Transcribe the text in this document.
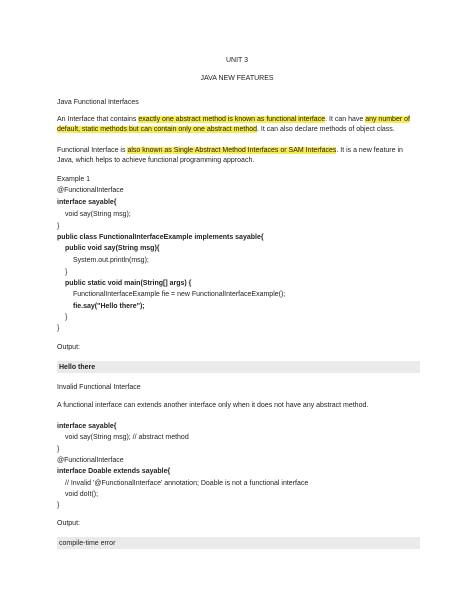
UNIT 3
JAVA NEW FEATURES
Java Functional Interfaces
An Interface that contains exactly one abstract method is known as functional interface. It can have any number of
default, static methods but can contain only one abstract method. It can also declare methods of object class.
Functional Interface is also known as Single Abstract Method Interfaces or SAM Interfaces. It is a new feature in
Java, which helps to achieve functional programming approach.
Example 1
@FunctionalInterface
interface sayable{
void say(String msg);
}
public class FunctionalInterfaceExample implements sayable{
public void say(String msg){
System.out.println(msg);
}
public static void main(String[] args) {
FunctionalInterfaceExample fie = new FunctionalInterfaceExample();
fie.say("Hello there");
}
}
Output:
Hello there
Invalid Functional Interface
A functional interface can extends another interface only when it does not have any abstract method.
interface sayable{
void say(String msg); // abstract method
}
@FunctionalInterface
interface Doable extends sayable{
// Invalid '@FunctionalInterface' annotation; Doable is not a functional interface
void doIt();
}
Output:
compile-time error
